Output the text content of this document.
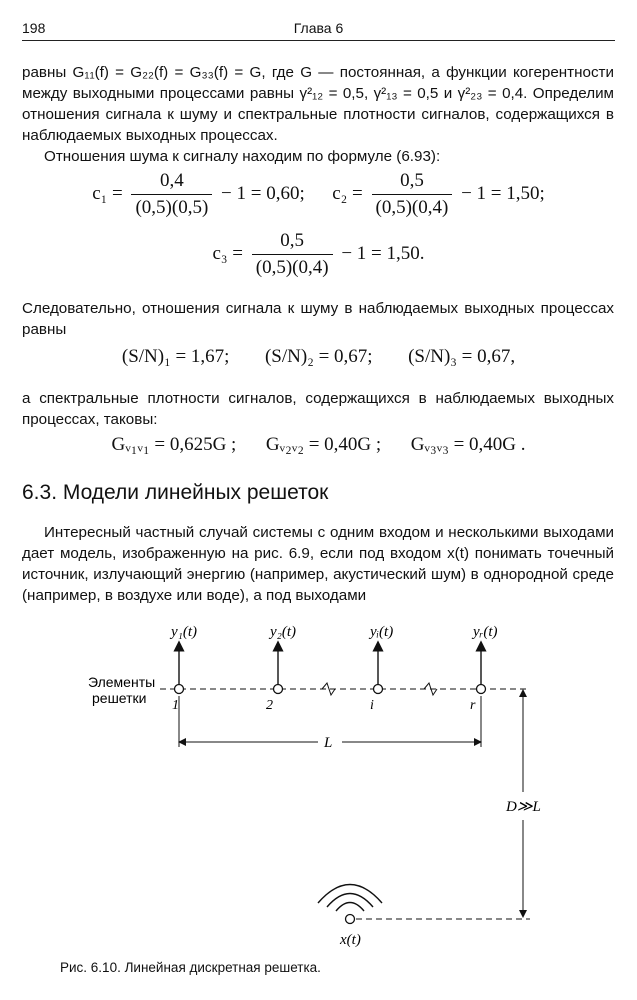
198	Глава 6
равны G₁₁(f) = G₂₂(f) = G₃₃(f) = G, где G — постоянная, а функции когерентности между выходными процессами равны γ²₁₂ = 0,5, γ²₁₃ = 0,5 и γ²₂₃ = 0,4. Определим отношения сигнала к шуму и спектральные плотности сигналов, содержащихся в наблюдаемых выходных процессах.
Отношения шума к сигналу находим по формуле (6.93):
$c_1 = \frac{0,4}{(0,5)(0,5)} - 1 = 0,60$; $c_2 = \frac{0,5}{(0,5)(0,4)} - 1 = 1,50$;
$c_3 = \frac{0,5}{(0,5)(0,4)} - 1 = 1,50$.
Следовательно, отношения сигнала к шуму в наблюдаемых выходных процессах равны
(S/N)₁ = 1,67; (S/N)₂ = 0,67; (S/N)₃ = 0,67,
а спектральные плотности сигналов, содержащихся в наблюдаемых выходных процессах, таковы:
Gᵥ₁ᵥ₁ = 0,625G ; Gᵥ₂ᵥ₂ = 0,40G ; Gᵥ₃ᵥ₃ = 0,40G .
6.3. Модели линейных решеток
Интересный частный случай системы с одним входом и несколькими выходами дает модель, изображенную на рис. 6.9, если под входом x(t) понимать точечный источник, излучающий энергию (например, акустический шум) в однородной среде (например, в воздухе или воде), а под выходами
y₁(t)	y₂(t)	yᵢ(t)	yᵣ(t)
1	2	i	r
Элементы
решетки
L
D≫L
x(t)
Рис. 6.10. Линейная дискретная решетка.
